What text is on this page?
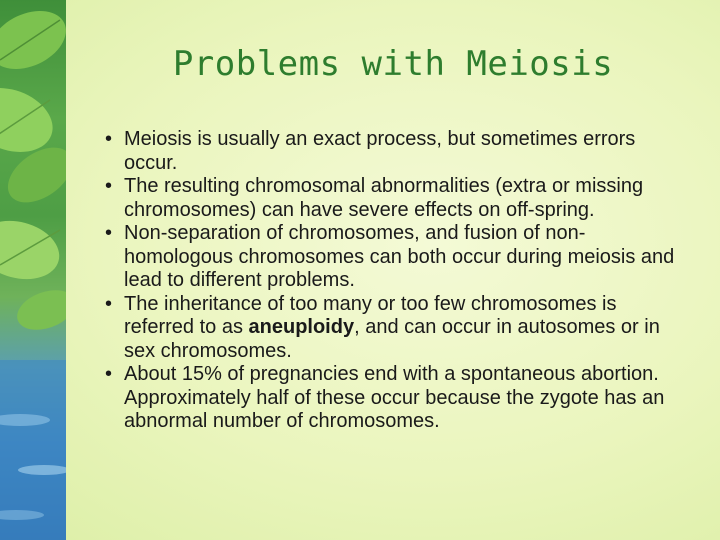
Problems with Meiosis
• Meiosis is usually an exact process, but sometimes errors occur.
• The resulting chromosomal abnormalities (extra or missing chromosomes) can have severe effects on off-spring.
• Non-separation of chromosomes, and fusion of non-homologous chromosomes can both occur during meiosis and lead to different problems.
• The inheritance of too many or too few chromosomes is referred to as aneuploidy, and can occur in autosomes or in sex chromosomes.
• About 15% of pregnancies end with a spontaneous abortion. Approximately half of these occur because the zygote has an abnormal number of chromosomes.
